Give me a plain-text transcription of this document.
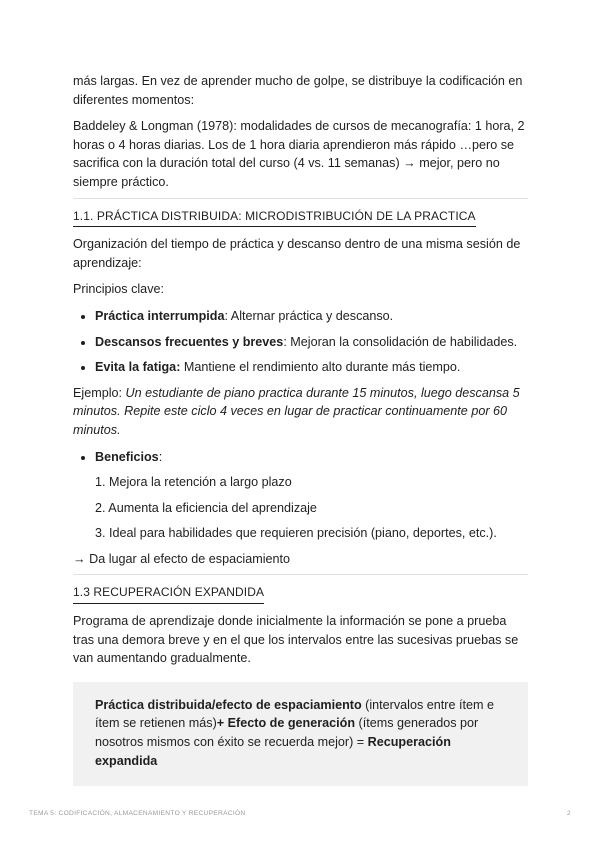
más largas. En vez de aprender mucho de golpe, se distribuye la codificación en diferentes momentos:

Baddeley & Longman (1978): modalidades de cursos de mecanografía: 1 hora, 2 horas o 4 horas diarias. Los de 1 hora diaria aprendieron más rápido …pero se sacrifica con la duración total del curso (4 vs. 11 semanas) → mejor, pero no siempre práctico.

1.1. PRÁCTICA DISTRIBUIDA: MICRODISTRIBUCIÓN DE LA PRACTICA

Organización del tiempo de práctica y descanso dentro de una misma sesión de aprendizaje:

Principios clave:

• Práctica interrumpida: Alternar práctica y descanso.
• Descansos frecuentes y breves: Mejoran la consolidación de habilidades.
• Evita la fatiga: Mantiene el rendimiento alto durante más tiempo.

Ejemplo: Un estudiante de piano practica durante 15 minutos, luego descansa 5 minutos. Repite este ciclo 4 veces en lugar de practicar continuamente por 60 minutos.

• Beneficios:
1. Mejora la retención a largo plazo
2. Aumenta la eficiencia del aprendizaje
3. Ideal para habilidades que requieren precisión (piano, deportes, etc.).

→ Da lugar al efecto de espaciamiento

1.3 RECUPERACIÓN EXPANDIDA

Programa de aprendizaje donde inicialmente la información se pone a prueba tras una demora breve y en el que los intervalos entre las sucesivas pruebas se van aumentando gradualmente.

Práctica distribuida/efecto de espaciamiento (intervalos entre ítem e ítem se retienen más)+ Efecto de generación (ítems generados por nosotros mismos con éxito se recuerda mejor) = Recuperación expandida
TEMA 5: CODIFICACIÓN, ALMACENAMIENTO Y RECUPERACIÓN	2
